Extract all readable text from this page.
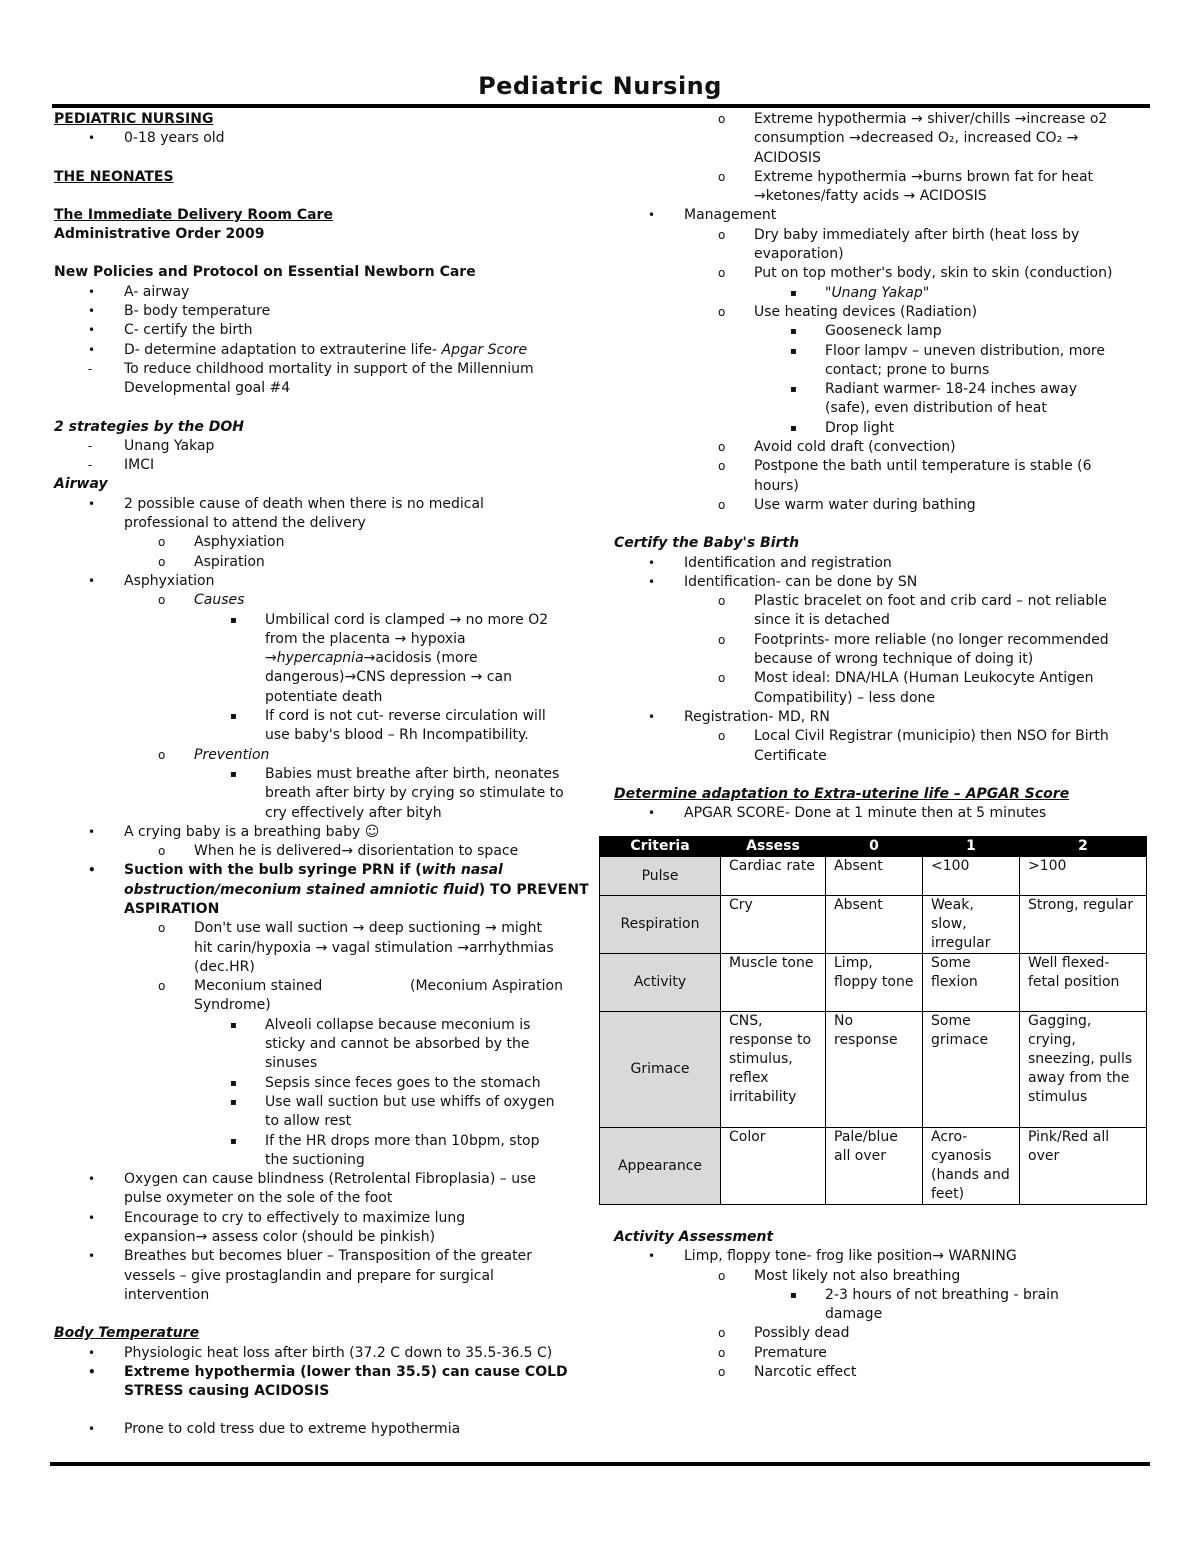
Pediatric Nursing
PEDIATRIC NURSING
• 0-18 years old
THE NEONATES
The Immediate Delivery Room Care
Administrative Order 2009
New Policies and Protocol on Essential Newborn Care
• A- airway
• B- body temperature
• C- certify the birth
• D- determine adaptation to extrauterine life- Apgar Score
- To reduce childhood mortality in support of the Millennium
Developmental goal #4
2 strategies by the DOH
- Unang Yakap
- IMCI
Airway
• 2 possible cause of death when there is no medical
professional to attend the delivery
o Asphyxiation
o Aspiration
• Asphyxiation
o Causes
▪ Umbilical cord is clamped → no more O2
from the placenta → hypoxia
→hypercapnia→acidosis (more
dangerous)→CNS depression → can
potentiate death
▪ If cord is not cut- reverse circulation will
use baby's blood – Rh Incompatibility.
o Prevention
▪ Babies must breathe after birth, neonates
breath after birty by crying so stimulate to
cry effectively after bityh
• A crying baby is a breathing baby ☺
o When he is delivered→ disorientation to space
• Suction with the bulb syringe PRN if (with nasal
obstruction/meconium stained amniotic fluid) TO PREVENT
ASPIRATION
o Don't use wall suction → deep suctioning → might
hit carin/hypoxia → vagal stimulation →arrhythmias
(dec.HR)
o Meconium stained	(Meconium Aspiration
Syndrome)
▪ Alveoli collapse because meconium is
sticky and cannot be absorbed by the
sinuses
▪ Sepsis since feces goes to the stomach
▪ Use wall suction but use whiffs of oxygen
to allow rest
▪ If the HR drops more than 10bpm, stop
the suctioning
• Oxygen can cause blindness (Retrolental Fibroplasia) – use
pulse oxymeter on the sole of the foot
• Encourage to cry to effectively to maximize lung
expansion→ assess color (should be pinkish)
• Breathes but becomes bluer – Transposition of the greater
vessels – give prostaglandin and prepare for surgical
intervention
Body Temperature
• Physiologic heat loss after birth (37.2 C down to 35.5-36.5 C)
• Extreme hypothermia (lower than 35.5) can cause COLD
STRESS causing ACIDOSIS
• Prone to cold tress due to extreme hypothermia
o Extreme hypothermia → shiver/chills →increase o2
consumption →decreased O₂, increased CO₂ →
ACIDOSIS
o Extreme hypothermia →burns brown fat for heat
→ketones/fatty acids → ACIDOSIS
• Management
o Dry baby immediately after birth (heat loss by
evaporation)
o Put on top mother's body, skin to skin (conduction)
▪ "Unang Yakap"
o Use heating devices (Radiation)
▪ Gooseneck lamp
▪ Floor lampv – uneven distribution, more
contact; prone to burns
▪ Radiant warmer- 18-24 inches away
(safe), even distribution of heat
▪ Drop light
o Avoid cold draft (convection)
o Postpone the bath until temperature is stable (6
hours)
o Use warm water during bathing
Certify the Baby's Birth
• Identification and registration
• Identification- can be done by SN
o Plastic bracelet on foot and crib card – not reliable
since it is detached
o Footprints- more reliable (no longer recommended
because of wrong technique of doing it)
o Most ideal: DNA/HLA (Human Leukocyte Antigen
Compatibility) – less done
• Registration- MD, RN
o Local Civil Registrar (municipio) then NSO for Birth
Certificate
Determine adaptation to Extra-uterine life – APGAR Score
• APGAR SCORE- Done at 1 minute then at 5 minutes
Criteria	Assess	0	1	2
Pulse	Cardiac rate	Absent	<100	>100
Respiration	Cry	Absent	Weak, slow, irregular	Strong, regular
Activity	Muscle tone	Limp, floppy tone	Some flexion	Well flexed- fetal position
Grimace	CNS, response to stimulus, reflex irritability	No response	Some grimace	Gagging, crying, sneezing, pulls away from the stimulus
Appearance	Color	Pale/blue all over	Acro-cyanosis (hands and feet)	Pink/Red all over
Activity Assessment
• Limp, floppy tone- frog like position→ WARNING
o Most likely not also breathing
▪ 2-3 hours of not breathing - brain
damage
o Possibly dead
o Premature
o Narcotic effect
